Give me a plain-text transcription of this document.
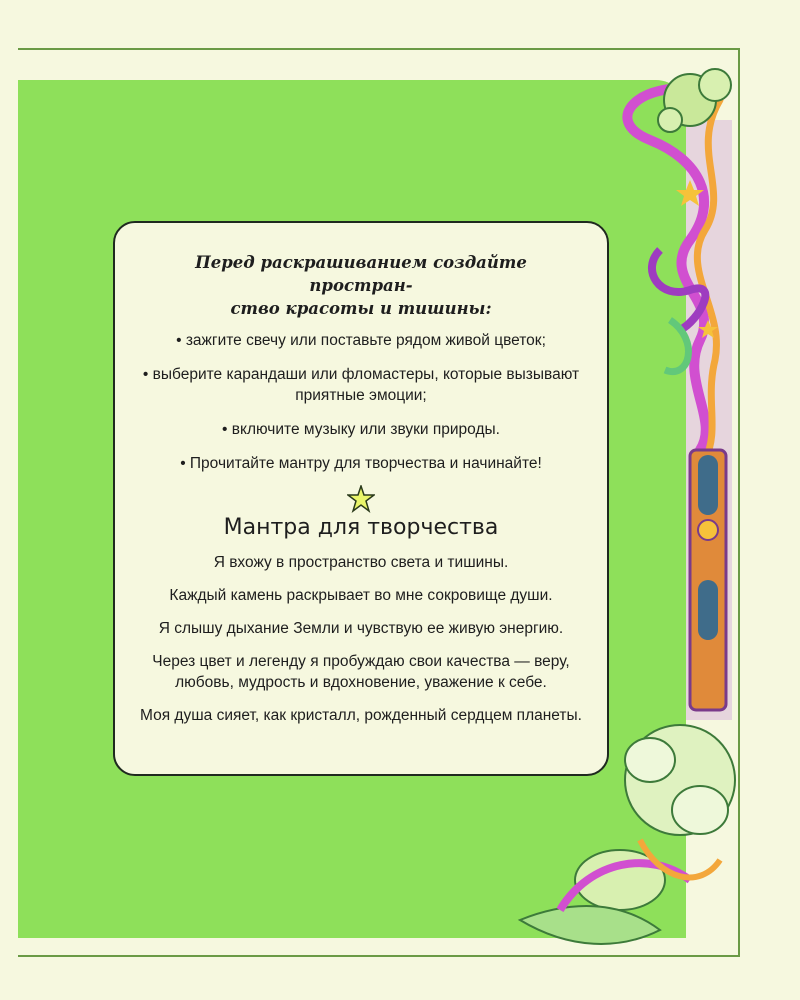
Перед раскрашиванием создайте простран-
ство красоты и тишины:
• зажгите свечу или поставьте рядом живой цветок;
• выберите карандаши или фломастеры, которые вызывают приятные эмоции;
• включите музыку или звуки природы.
• Прочитайте мантру для творчества и начинайте!
Мантра для творчества

Я вхожу в пространство света и тишины.

Каждый камень раскрывает во мне сокровище души.

Я слышу дыхание Земли и чувствую ее живую энергию.

Через цвет и легенду я пробуждаю свои качества — веру, любовь, мудрость и вдохновение, уважение к себе.

Моя душа сияет, как кристалл, рожденный сердцем планеты.
